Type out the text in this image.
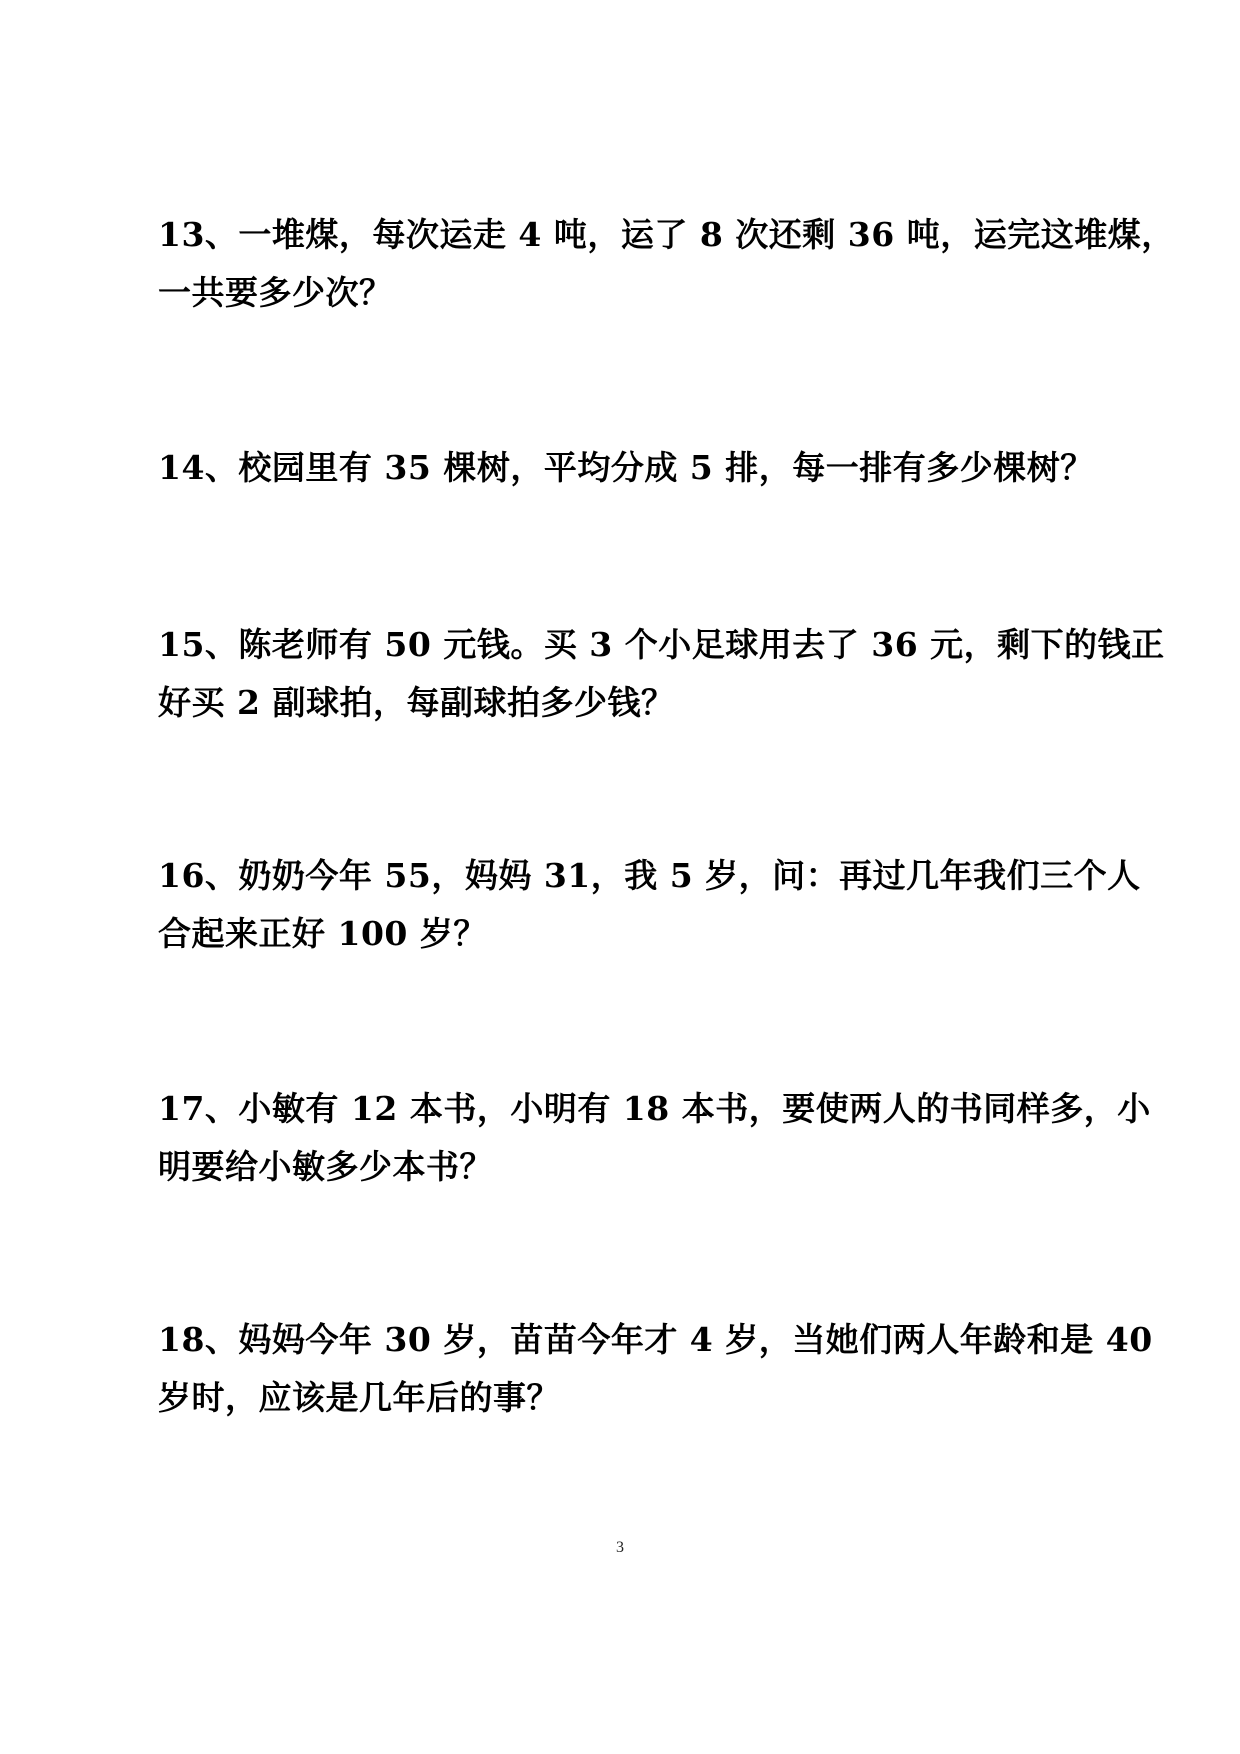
13、一堆煤，每次运走 4 吨，运了 8 次还剩 36 吨，运完这堆煤，
一共要多少次？
14、校园里有 35 棵树，平均分成 5 排，每一排有多少棵树？
15、陈老师有 50 元钱。买 3 个小足球用去了 36 元，剩下的钱正
好买 2 副球拍，每副球拍多少钱？
16、奶奶今年 55，妈妈 31，我 5 岁，问：再过几年我们三个人
合起来正好 100 岁？
17、小敏有 12 本书，小明有 18 本书，要使两人的书同样多，小
明要给小敏多少本书？
18、妈妈今年 30 岁，苗苗今年才 4 岁，当她们两人年龄和是 40
岁时，应该是几年后的事？
3
